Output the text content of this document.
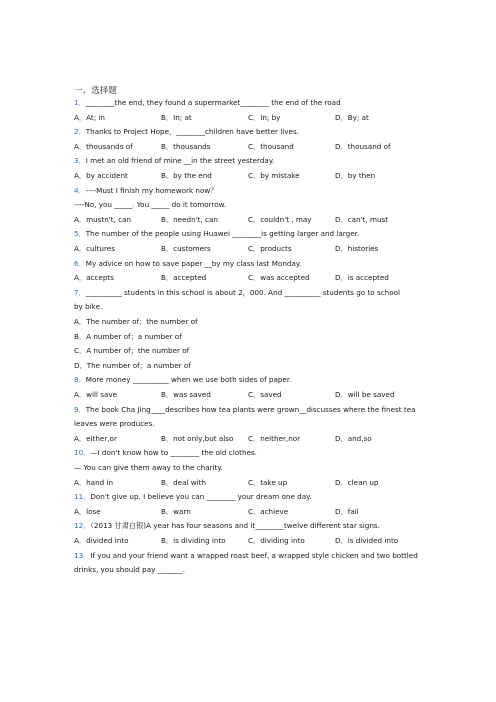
一、选择题
1．________the end, they found a supermarket________ the end of the road
A．At; in	B．In; at	C．In; by	D．By; at
2．Thanks to Project Hope，________children have better lives.
A．thousands of	B．thousands	C．thousand	D．thousand of
3．I met an old friend of mine __in the street yesterday.
A．by accident	B．by the end	C．by mistake	D．by then
4．----Must I finish my homework now？
----No, you _____. You _____ do it tomorrow.
A．mustn't, can	B．needn't, can	C．couldn't , may	D．can't, must
5．The number of the people using Huawei ________is getting larger and larger.
A．cultures	B．customers	C．products	D．histories
6．My advice on how to save paper __by my class last Monday.
A．accepts	B．accepted	C．was accepted	D．is accepted
7．__________ students in this school is about 2，000. And __________ students go to school
by bike.
A．The number of；the number of
B．A number of；a number of
C．A number of；the number of
D．The number of；a number of
8．More money __________ when we use both sides of paper.
A．will save	B．was saved	C．saved	D．will be saved
9．The book Cha Jing____describes how tea plants were grown__discusses where the finest tea
leaves were produces.
A．either,or	B．not only,but also C．neither,nor	D．and,so
10．—I don't know how to ________ the old clothes.
— You can give them away to the charity.
A．hand in	B．deal with	C．take up	D．clean up
11．Don't give up. I believe you can ________ your dream one day.
A．lose	B．warn	C．achieve	D．fail
12．（2013 甘肃白银)A year has four seasons and it________twelve different star signs.
A．divided into	B．is dividing into	C．dividing into	D．is divided into
13．If you and your friend want a wrapped roast beef, a wrapped style chicken and two bottled
drinks, you should pay _______.
